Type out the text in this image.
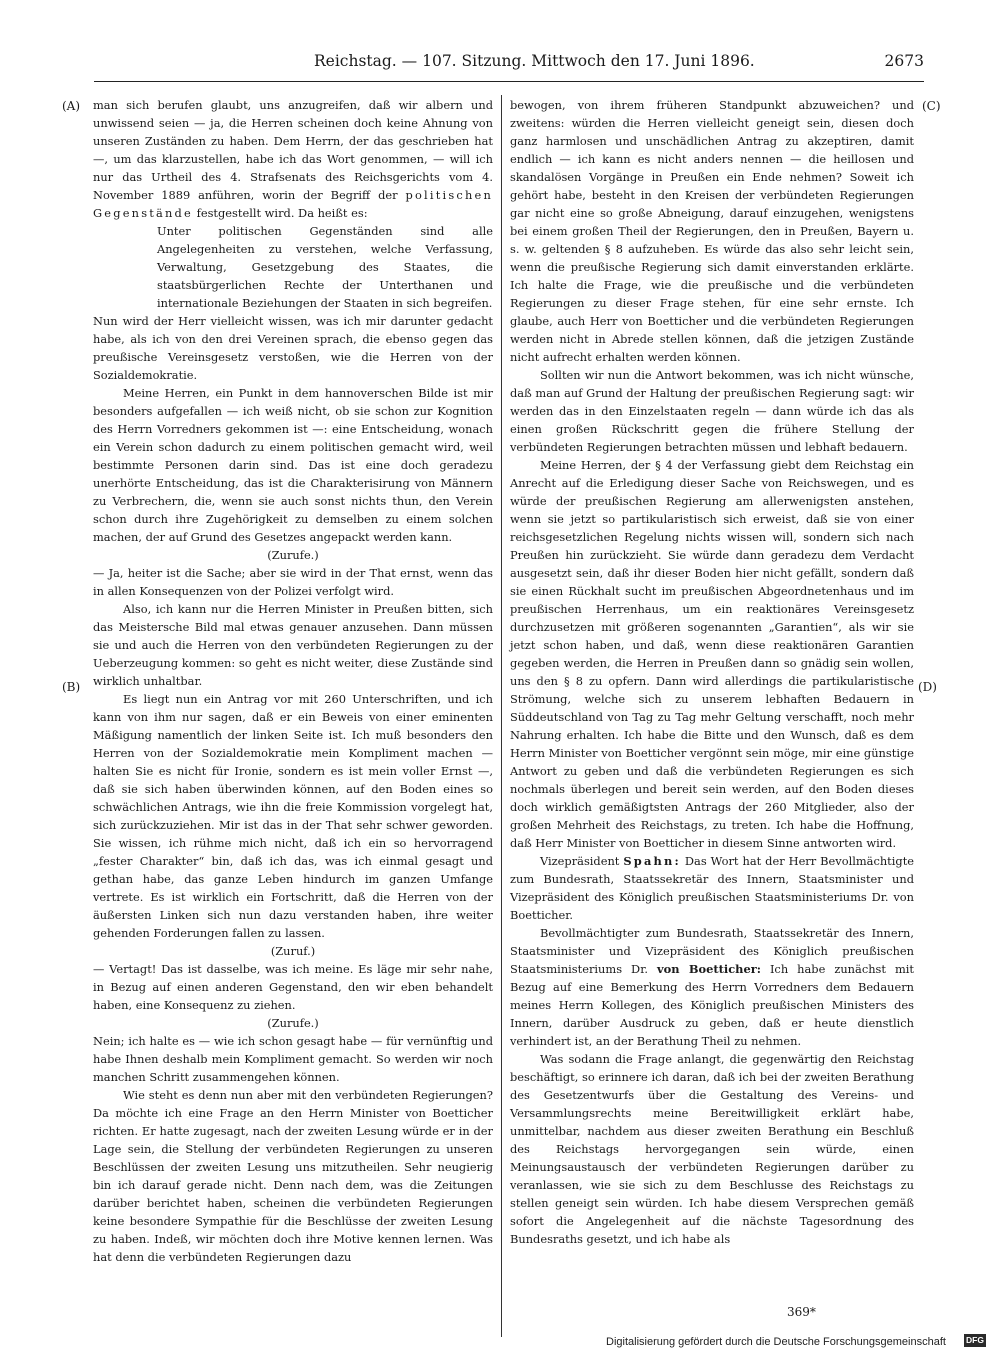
Reichstag. — 107. Sitzung. Mittwoch den 17. Juni 1896.	2673
(A)
(B)
(C)
(D)

man sich berufen glaubt, uns anzugreifen, daß wir albern und unwissend seien — ja, die Herren scheinen doch keine Ahnung von unseren Zuständen zu haben. Dem Herrn, der das geschrieben hat —, um das klarzustellen, habe ich das Wort genommen, — will ich nur das Urtheil des 4. Strafsenats des Reichsgerichts vom 4. November 1889 anführen, worin der Begriff der politischen Gegenstände festgestellt wird. Da heißt es:

Unter politischen Gegenständen sind alle Angelegenheiten zu verstehen, welche Verfassung, Verwaltung, Gesetzgebung des Staates, die staatsbürgerlichen Rechte der Unterthanen und internationale Beziehungen der Staaten in sich begreifen.

Nun wird der Herr vielleicht wissen, was ich mir darunter gedacht habe, als ich von den drei Vereinen sprach, die ebenso gegen das preußische Vereinsgesetz verstoßen, wie die Herren von der Sozialdemokratie.

Meine Herren, ein Punkt in dem hannoverschen Bilde ist mir besonders aufgefallen — ich weiß nicht, ob sie schon zur Kognition des Herrn Vorredners gekommen ist —: eine Entscheidung, wonach ein Verein schon dadurch zu einem politischen gemacht wird, weil bestimmte Personen darin sind. Das ist eine doch geradezu unerhörte Entscheidung, das ist die Charakterisirung von Männern zu Verbrechern, die, wenn sie auch sonst nichts thun, den Verein schon durch ihre Zugehörigkeit zu demselben zu einem solchen machen, der auf Grund des Gesetzes angepackt werden kann.

(Zurufe.)

— Ja, heiter ist die Sache; aber sie wird in der That ernst, wenn das in allen Konsequenzen von der Polizei verfolgt wird.

Also, ich kann nur die Herren Minister in Preußen bitten, sich das Meistersche Bild mal etwas genauer anzusehen. Dann müssen sie und auch die Herren von den verbündeten Regierungen zu der Ueberzeugung kommen: so geht es nicht weiter, diese Zustände sind wirklich unhaltbar.

Es liegt nun ein Antrag vor mit 260 Unterschriften, und ich kann von ihm nur sagen, daß er ein Beweis von einer eminenten Mäßigung namentlich der linken Seite ist. Ich muß besonders den Herren von der Sozialdemokratie mein Kompliment machen — halten Sie es nicht für Ironie, sondern es ist mein voller Ernst —, daß sie sich haben überwinden können, auf den Boden eines so schwächlichen Antrags, wie ihn die freie Kommission vorgelegt hat, sich zurückzuziehen. Mir ist das in der That sehr schwer geworden. Sie wissen, ich rühme mich nicht, daß ich ein so hervorragend „fester Charakter“ bin, daß ich das, was ich einmal gesagt und gethan habe, das ganze Leben hindurch im ganzen Umfange vertrete. Es ist wirklich ein Fortschritt, daß die Herren von der äußersten Linken sich nun dazu verstanden haben, ihre weiter gehenden Forderungen fallen zu lassen.

(Zuruf.)

— Vertagt! Das ist dasselbe, was ich meine. Es läge mir sehr nahe, in Bezug auf einen anderen Gegenstand, den wir eben behandelt haben, eine Konsequenz zu ziehen.

(Zurufe.)

Nein; ich halte es — wie ich schon gesagt habe — für vernünftig und habe Ihnen deshalb mein Kompliment gemacht. So werden wir noch manchen Schritt zusammengehen können.

Wie steht es denn nun aber mit den verbündeten Regierungen? Da möchte ich eine Frage an den Herrn Minister von Boetticher richten. Er hatte zugesagt, nach der zweiten Lesung würde er in der Lage sein, die Stellung der verbündeten Regierungen zu unseren Beschlüssen der zweiten Lesung uns mitzutheilen. Sehr neugierig bin ich darauf gerade nicht. Denn nach dem, was die Zeitungen darüber berichtet haben, scheinen die verbündeten Regierungen keine besondere Sympathie für die Beschlüsse der zweiten Lesung zu haben. Indeß, wir möchten doch ihre Motive kennen lernen. Was hat denn die verbündeten Regierungen dazu

bewogen, von ihrem früheren Standpunkt abzuweichen? und zweitens: würden die Herren vielleicht geneigt sein, diesen doch ganz harmlosen und unschädlichen Antrag zu akzeptiren, damit endlich — ich kann es nicht anders nennen — die heillosen und skandalösen Vorgänge in Preußen ein Ende nehmen? Soweit ich gehört habe, besteht in den Kreisen der verbündeten Regierungen gar nicht eine so große Abneigung, darauf einzugehen, wenigstens bei einem großen Theil der Regierungen, den in Preußen, Bayern u. s. w. geltenden § 8 aufzuheben. Es würde das also sehr leicht sein, wenn die preußische Regierung sich damit einverstanden erklärte. Ich halte die Frage, wie die preußische und die verbündeten Regierungen zu dieser Frage stehen, für eine sehr ernste. Ich glaube, auch Herr von Boetticher und die verbündeten Regierungen werden nicht in Abrede stellen können, daß die jetzigen Zustände nicht aufrecht erhalten werden können.

Sollten wir nun die Antwort bekommen, was ich nicht wünsche, daß man auf Grund der Haltung der preußischen Regierung sagt: wir werden das in den Einzelstaaten regeln — dann würde ich das als einen großen Rückschritt gegen die frühere Stellung der verbündeten Regierungen betrachten müssen und lebhaft bedauern.

Meine Herren, der § 4 der Verfassung giebt dem Reichstag ein Anrecht auf die Erledigung dieser Sache von Reichswegen, und es würde der preußischen Regierung am allerwenigsten anstehen, wenn sie jetzt so partikularistisch sich erweist, daß sie von einer reichsgesetzlichen Regelung nichts wissen will, sondern sich nach Preußen hin zurückzieht. Sie würde dann geradezu dem Verdacht ausgesetzt sein, daß ihr dieser Boden hier nicht gefällt, sondern daß sie einen Rückhalt sucht im preußischen Abgeordnetenhaus und im preußischen Herrenhaus, um ein reaktionäres Vereinsgesetz durchzusetzen mit größeren sogenannten „Garantien“, als wir sie jetzt schon haben, und daß, wenn diese reaktionären Garantien gegeben werden, die Herren in Preußen dann so gnädig sein wollen, uns den § 8 zu opfern. Dann wird allerdings die partikularistische Strömung, welche sich zu unserem lebhaften Bedauern in Süddeutschland von Tag zu Tag mehr Geltung verschafft, noch mehr Nahrung erhalten. Ich habe die Bitte und den Wunsch, daß es dem Herrn Minister von Boetticher vergönnt sein möge, mir eine günstige Antwort zu geben und daß die verbündeten Regierungen es sich nochmals überlegen und bereit sein werden, auf den Boden dieses doch wirklich gemäßigtsten Antrags der 260 Mitglieder, also der großen Mehrheit des Reichstags, zu treten. Ich habe die Hoffnung, daß Herr Minister von Boetticher in diesem Sinne antworten wird.

Vizepräsident Spahn: Das Wort hat der Herr Bevollmächtigte zum Bundesrath, Staatssekretär des Innern, Staatsminister und Vizepräsident des Königlich preußischen Staatsministeriums Dr. von Boetticher.

Bevollmächtigter zum Bundesrath, Staatssekretär des Innern, Staatsminister und Vizepräsident des Königlich preußischen Staatsministeriums Dr. von Boetticher: Ich habe zunächst mit Bezug auf eine Bemerkung des Herrn Vorredners dem Bedauern meines Herrn Kollegen, des Königlich preußischen Ministers des Innern, darüber Ausdruck zu geben, daß er heute dienstlich verhindert ist, an der Berathung Theil zu nehmen.

Was sodann die Frage anlangt, die gegenwärtig den Reichstag beschäftigt, so erinnere ich daran, daß ich bei der zweiten Berathung des Gesetzentwurfs über die Gestaltung des Vereins- und Versammlungsrechts meine Bereitwilligkeit erklärt habe, unmittelbar, nachdem aus dieser zweiten Berathung ein Beschluß des Reichstags hervorgegangen sein würde, einen Meinungsaustausch der verbündeten Regierungen darüber zu veranlassen, wie sie sich zu dem Beschlusse des Reichstags zu stellen geneigt sein würden. Ich habe diesem Versprechen gemäß sofort die Angelegenheit auf die nächste Tagesordnung des Bundesraths gesetzt, und ich habe als

369*
Digitalisierung gefördert durch die Deutsche Forschungsgemeinschaft DFG
